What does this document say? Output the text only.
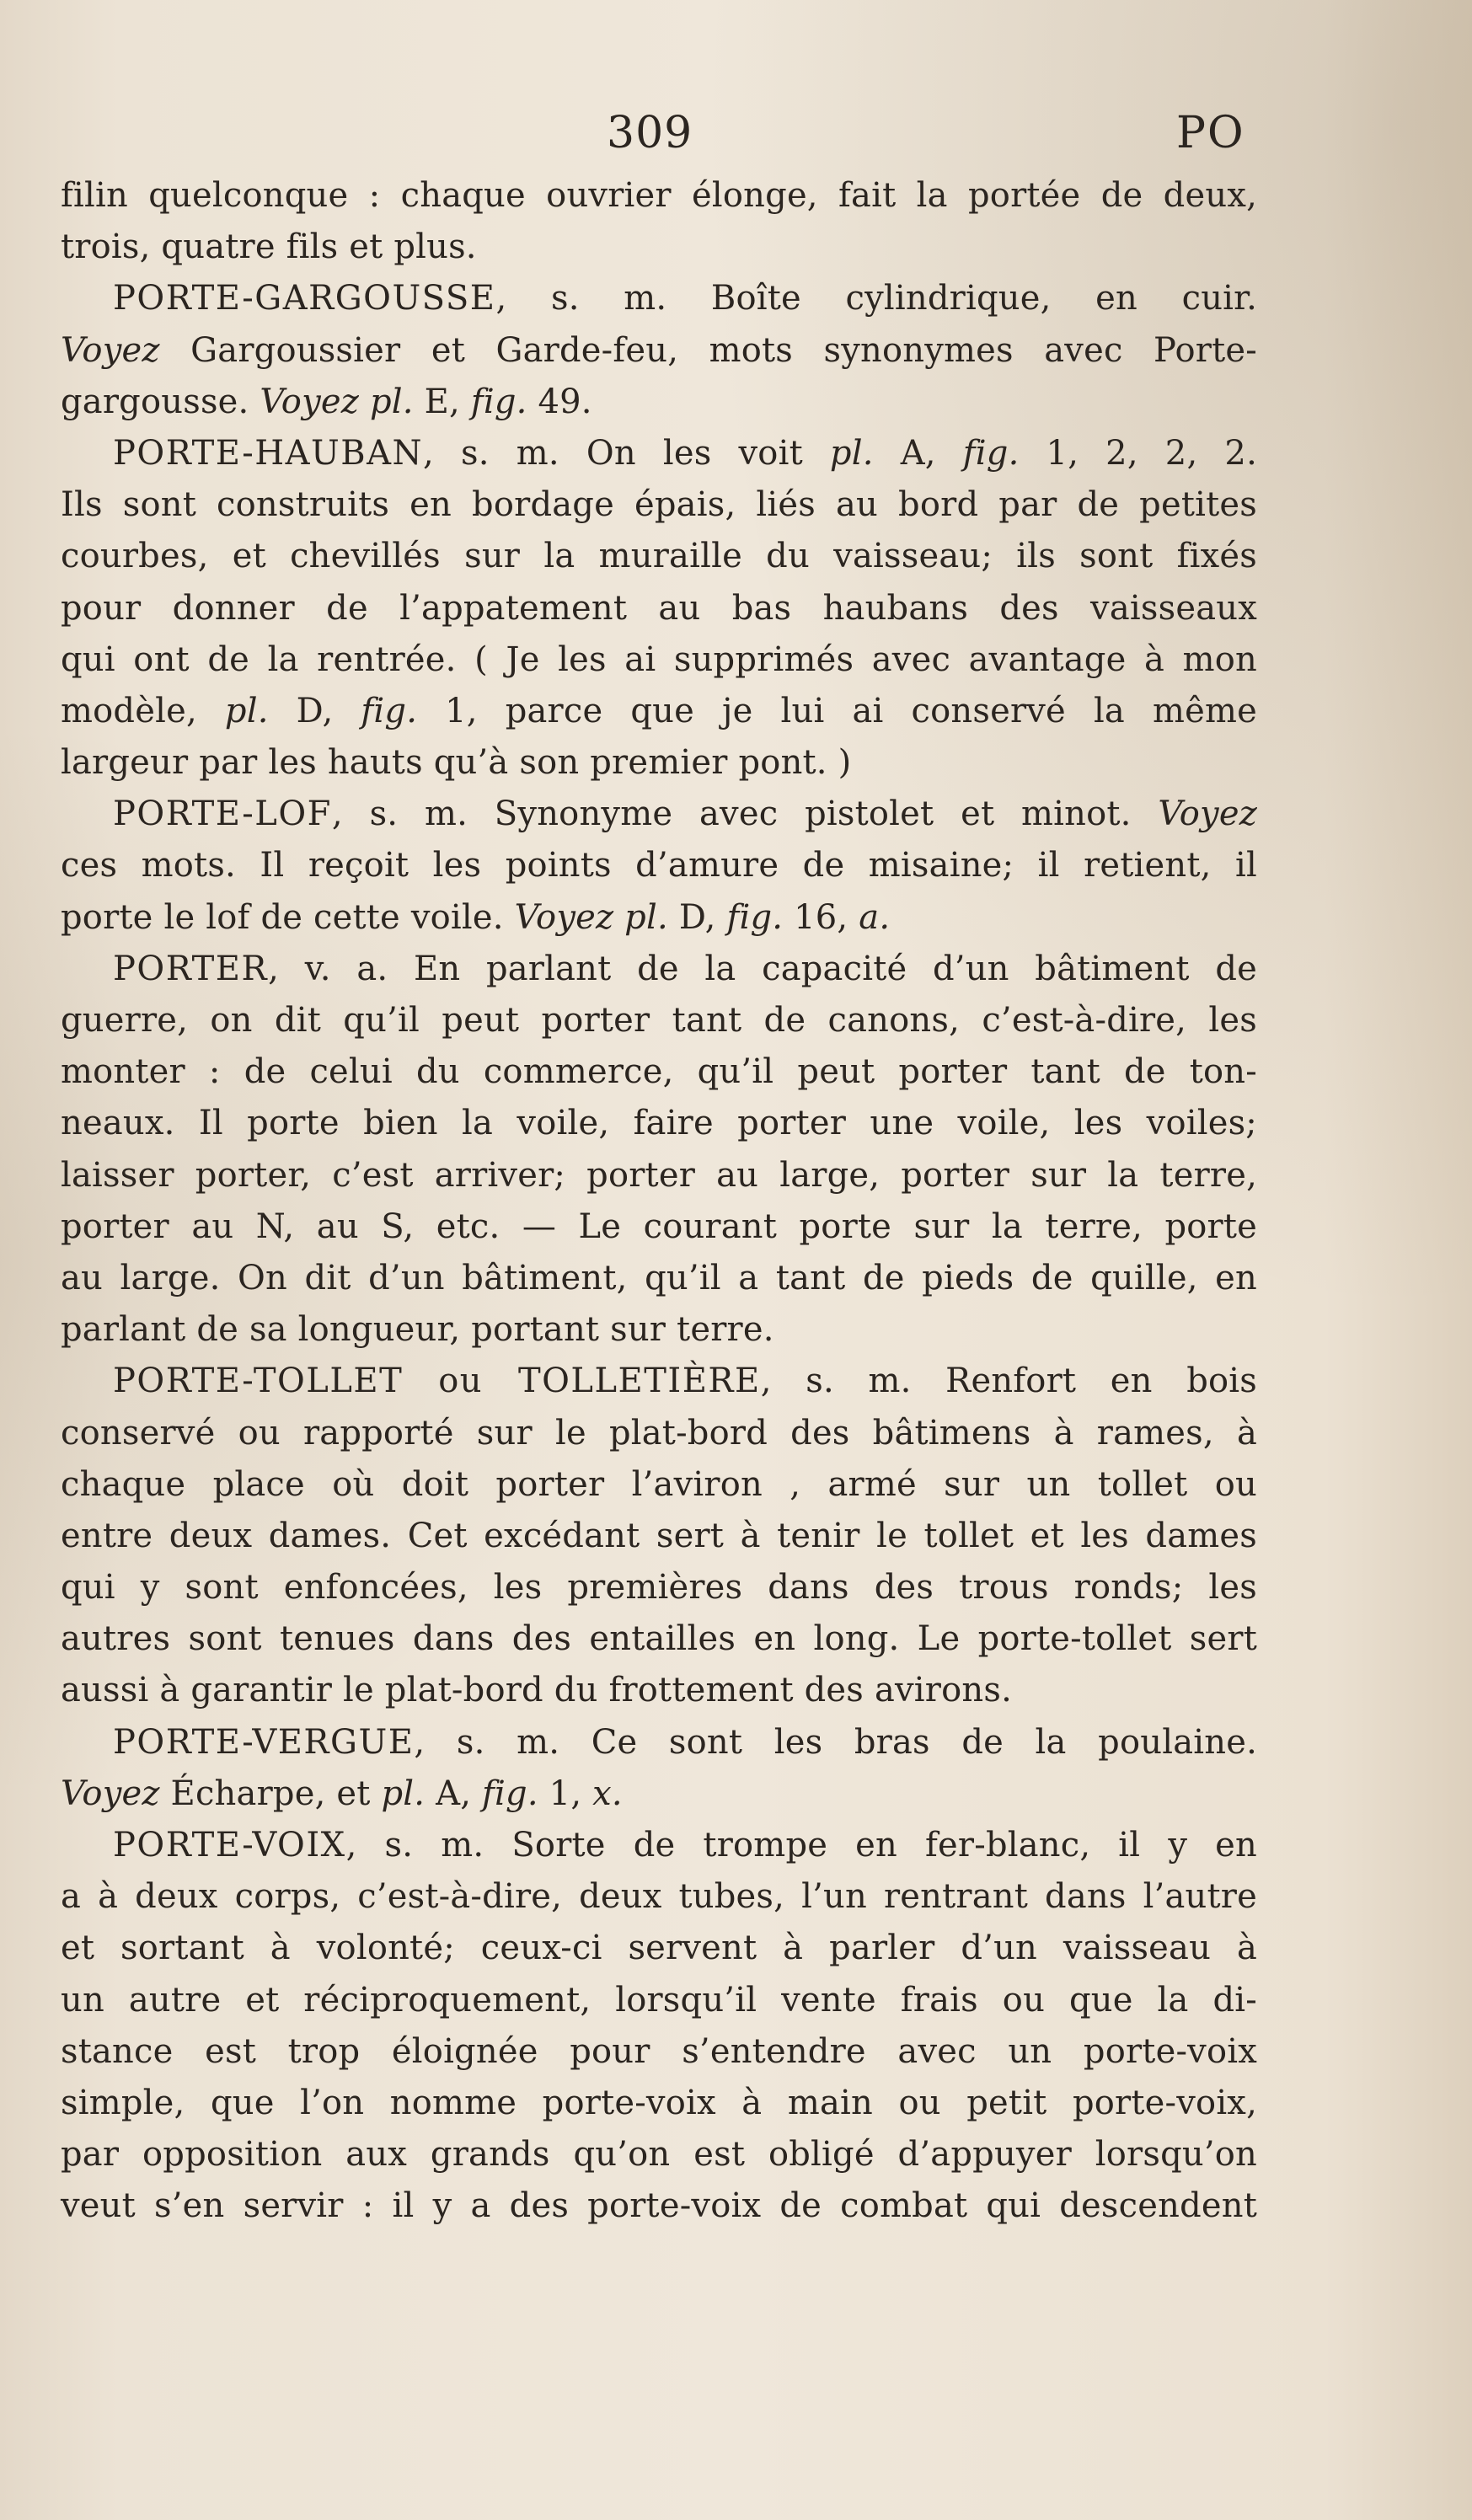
309	PO
filin quelconque : chaque ouvrier élonge, fait la portée de deux,
trois, quatre fils et plus.
PORTE-GARGOUSSE, s. m. Boîte cylindrique, en cuir.
Voyez Gargoussier et Garde-feu, mots synonymes avec Porte-
gargousse. Voyez pl. E, fig. 49.
PORTE-HAUBAN, s. m. On les voit pl. A, fig. 1, 2, 2, 2.
Ils sont construits en bordage épais, liés au bord par de petites
courbes, et chevillés sur la muraille du vaisseau; ils sont fixés
pour donner de l’appatement au bas haubans des vaisseaux
qui ont de la rentrée. ( Je les ai supprimés avec avantage à mon
modèle, pl. D, fig. 1, parce que je lui ai conservé la même
largeur par les hauts qu’à son premier pont. )
PORTE-LOF, s. m. Synonyme avec pistolet et minot. Voyez
ces mots. Il reçoit les points d’amure de misaine; il retient, il
porte le lof de cette voile. Voyez pl. D, fig. 16, a.
PORTER, v. a. En parlant de la capacité d’un bâtiment de
guerre, on dit qu’il peut porter tant de canons, c’est-à-dire, les
monter : de celui du commerce, qu’il peut porter tant de ton-
neaux. Il porte bien la voile, faire porter une voile, les voiles;
laisser porter, c’est arriver; porter au large, porter sur la terre,
porter au N, au S, etc. — Le courant porte sur la terre, porte
au large. On dit d’un bâtiment, qu’il a tant de pieds de quille, en
parlant de sa longueur, portant sur terre.
PORTE-TOLLET ou TOLLETIÈRE, s. m. Renfort en bois
conservé ou rapporté sur le plat-bord des bâtimens à rames, à
chaque place où doit porter l’aviron , armé sur un tollet ou
entre deux dames. Cet excédant sert à tenir le tollet et les dames
qui y sont enfoncées, les premières dans des trous ronds; les
autres sont tenues dans des entailles en long. Le porte-tollet sert
aussi à garantir le plat-bord du frottement des avirons.
PORTE-VERGUE, s. m. Ce sont les bras de la poulaine.
Voyez Écharpe, et pl. A, fig. 1, x.
PORTE-VOIX, s. m. Sorte de trompe en fer-blanc, il y en
a à deux corps, c’est-à-dire, deux tubes, l’un rentrant dans l’autre
et sortant à volonté; ceux-ci servent à parler d’un vaisseau à
un autre et réciproquement, lorsqu’il vente frais ou que la di-
stance est trop éloignée pour s’entendre avec un porte-voix
simple, que l’on nomme porte-voix à main ou petit porte-voix,
par opposition aux grands qu’on est obligé d’appuyer lorsqu’on
veut s’en servir : il y a des porte-voix de combat qui descendent
